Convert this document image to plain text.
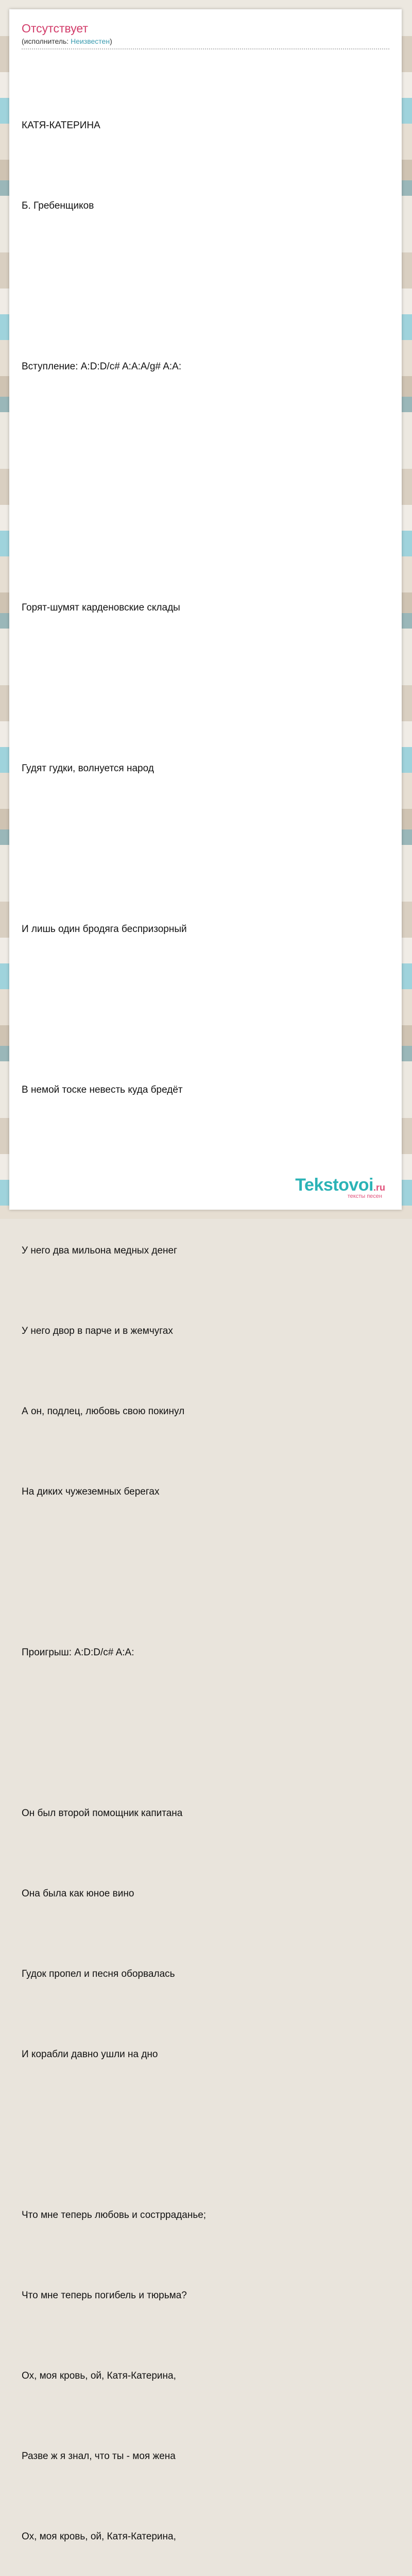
Отсутствует
(исполнитель: Неизвестен)

КАТЯ-КАТЕРИНА

Б. Гребенщиков

Вступление: A:D:D/c# A:A:A/g# A:A:

Горят-шумят карденовские склады

Гудят гудки, волнуется народ

И лишь один бродяга беспризорный

В немой тоске невесть куда бредёт

У него два мильона медных денег

У него двор в парче и в жемчугах

А он, подлец, любовь свою покинул

На диких чужеземных берегах

Проигрыш: A:D:D/c# A:A:

Он был второй помощник капитана

Она была как юное вино

Гудок пропел и песня оборвалась

И корабли давно ушли на дно

Что мне теперь любовь и сострраданье;

Что мне теперь погибель и тюрьма?

Ох, моя кровь, ой, Катя-Катерина,

Разве ж я знал, что ты - моя жена

Ох, моя кровь, ой, Катя-Катерина,

Tekstovoi.ru
тексты песен
